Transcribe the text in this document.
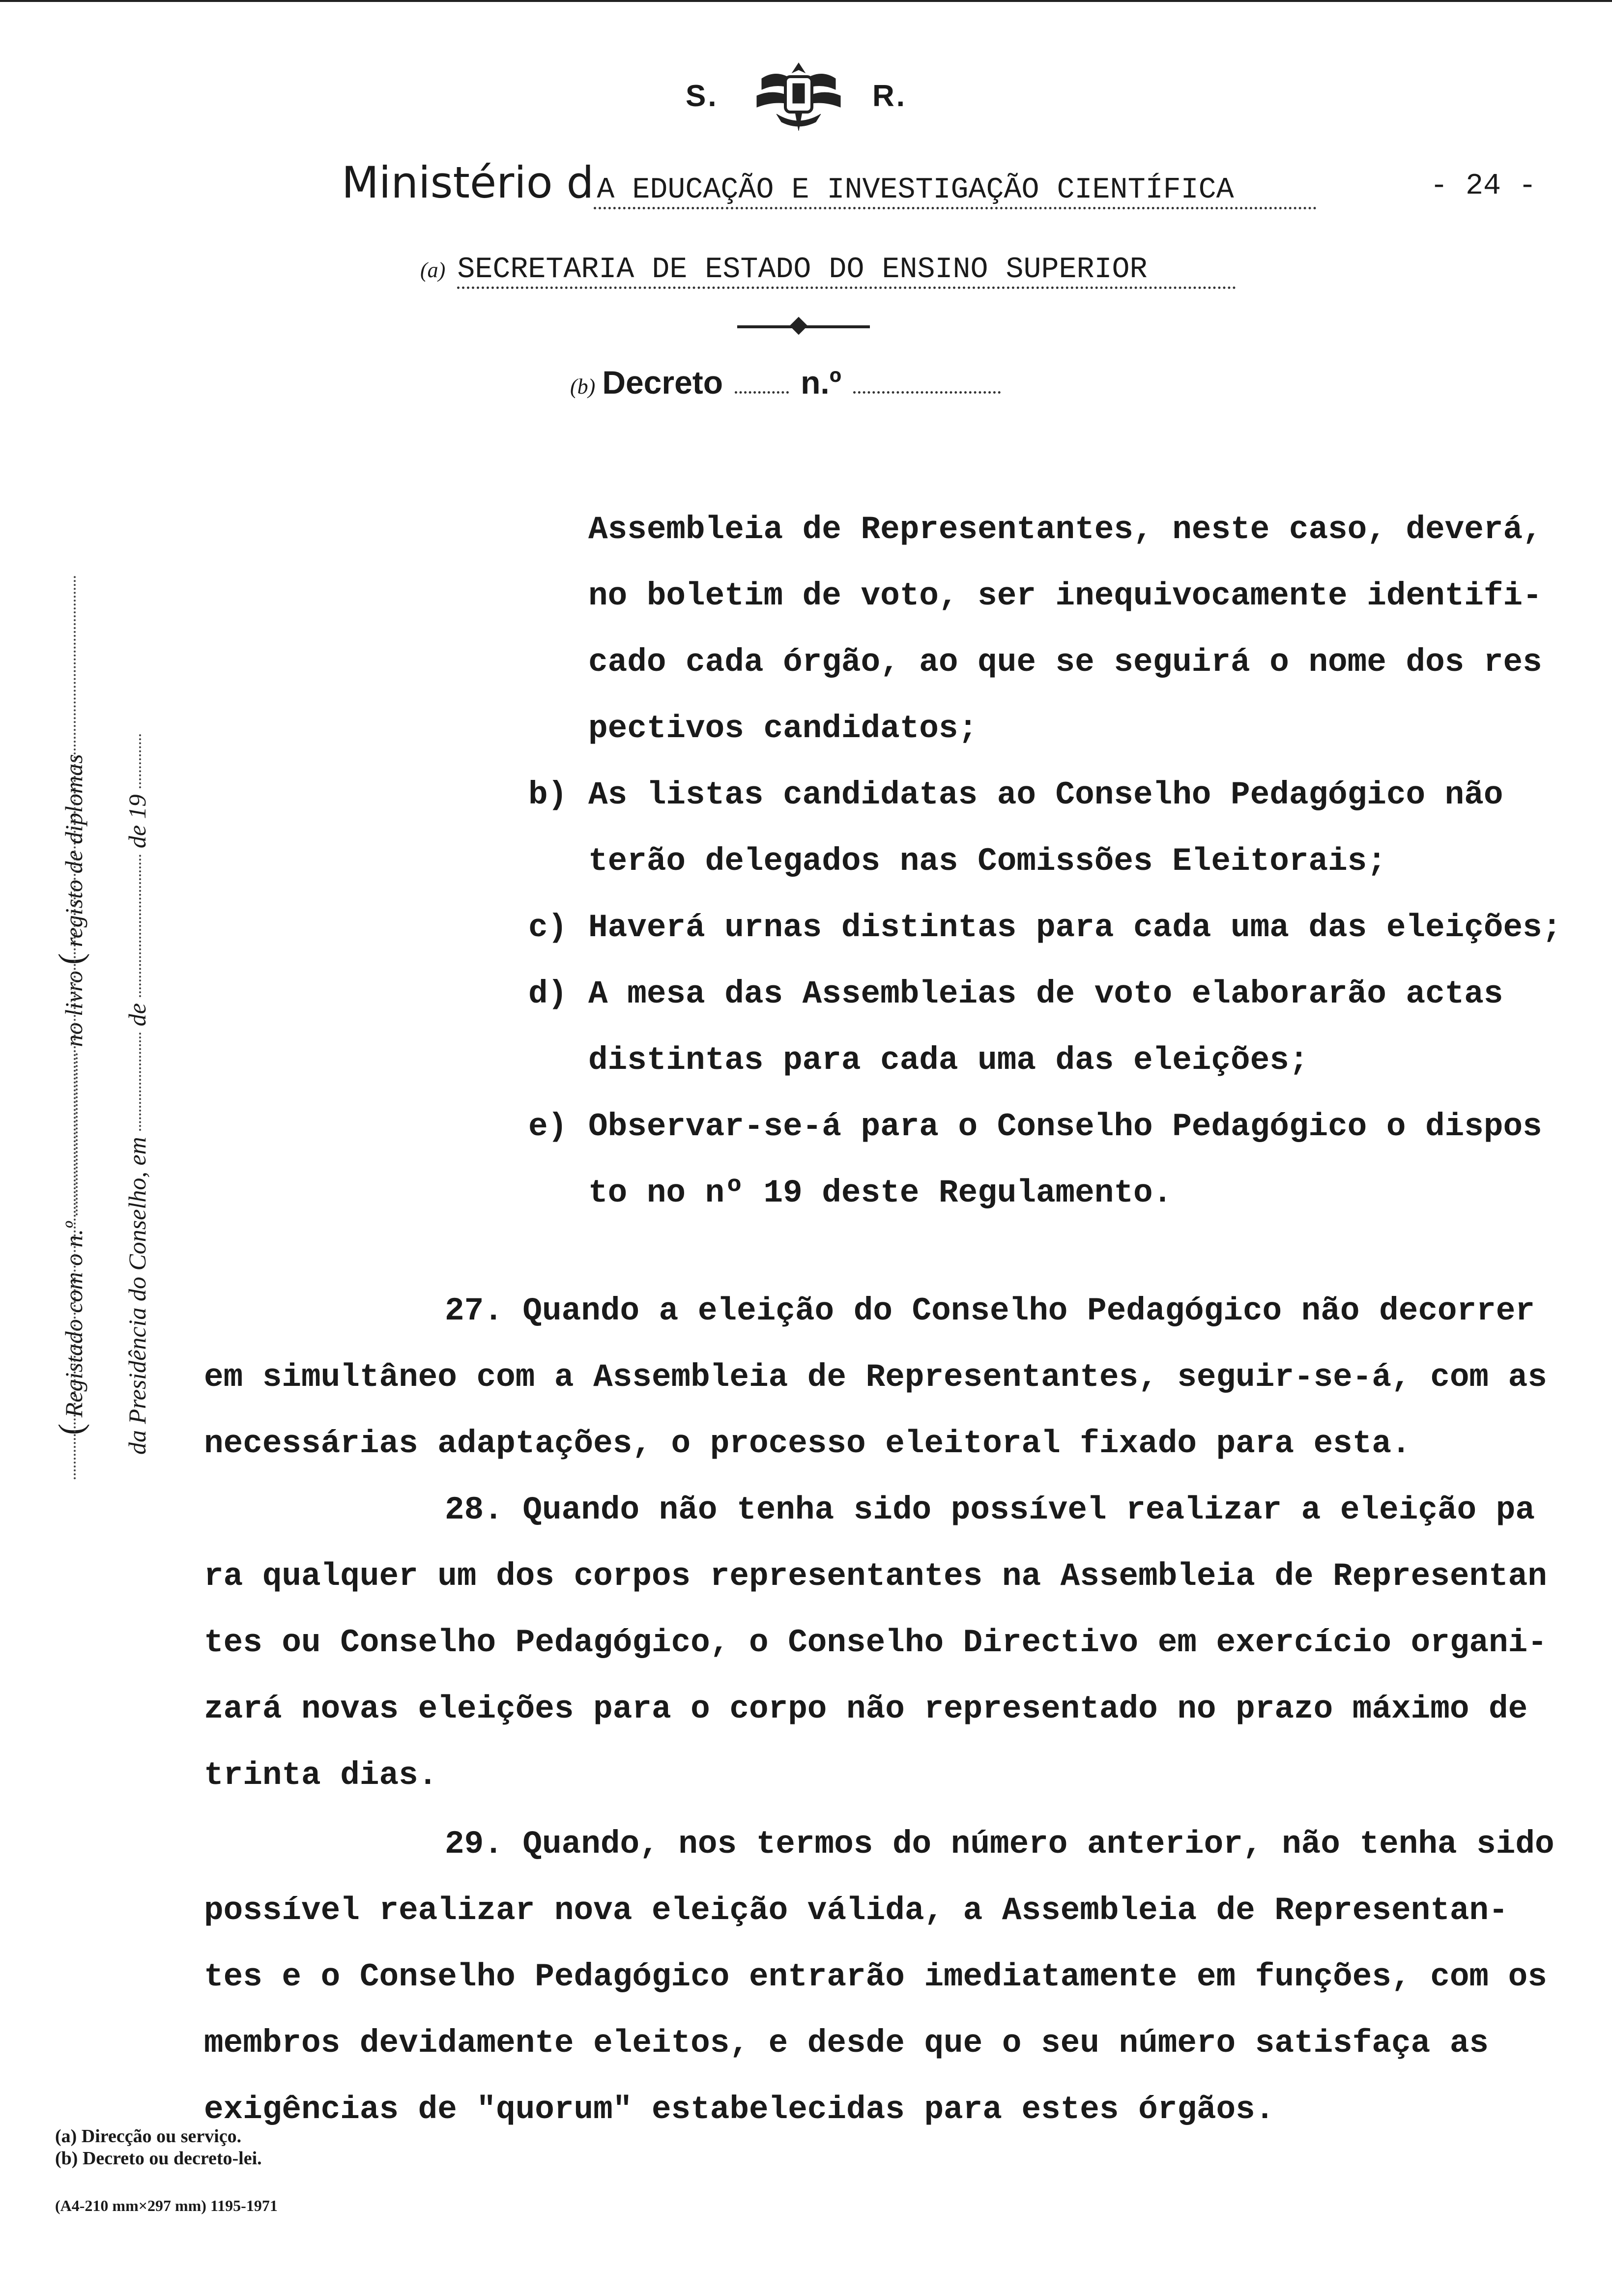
S.	R.
Ministério d A EDUCAÇÃO E INVESTIGAÇÃO CIENTÍFICA	- 24 -
(a) SECRETARIA DE ESTADO DO ENSINO SUPERIOR
(b) Decreto n.º
( Registado com o n.º  no livro ( registo de diplomas
da Presidência do Conselho, em  de  de 19
Assembleia de Representantes, neste caso, deverá,
no boletim de voto, ser inequivocamente identifi-
cado cada órgão, ao que se seguirá o nome dos res
pectivos candidatos;
b) As listas candidatas ao Conselho Pedagógico não
terão delegados nas Comissões Eleitorais;
c) Haverá urnas distintas para cada uma das eleições;
d) A mesa das Assembleias de voto elaborarão actas
distintas para cada uma das eleições;
e) Observar-se-á para o Conselho Pedagógico o dispos
to no nº 19 deste Regulamento.
27. Quando a eleição do Conselho Pedagógico não decorrer
em simultâneo com a Assembleia de Representantes, seguir-se-á, com as
necessárias adaptações, o processo eleitoral fixado para esta.
28. Quando não tenha sido possível realizar a eleição pa
ra qualquer um dos corpos representantes na Assembleia de Representan
tes ou Conselho Pedagógico, o Conselho Directivo em exercício organi-
zará novas eleições para o corpo não representado no prazo máximo de
trinta dias.
29. Quando, nos termos do número anterior, não tenha sido
possível realizar nova eleição válida, a Assembleia de Representan-
tes e o Conselho Pedagógico entrarão imediatamente em funções, com os
membros devidamente eleitos, e desde que o seu número satisfaça as
exigências de "quorum" estabelecidas para estes órgãos.
(a) Direcção ou serviço.
(b) Decreto ou decreto-lei.
(A4-210 mm×297 mm) 1195-1971
